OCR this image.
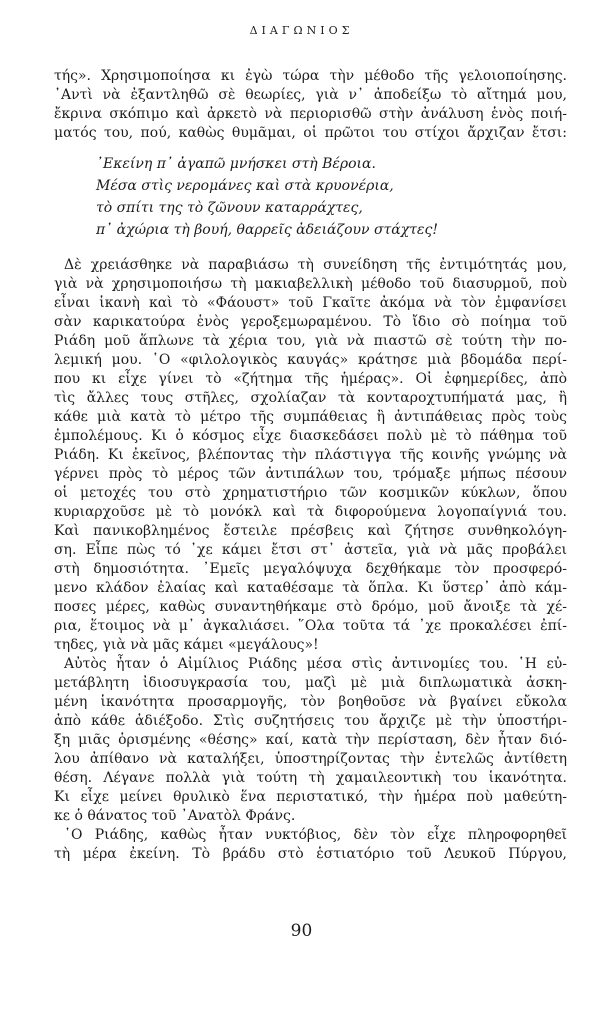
ΔΙΑΓΩΝΙΟΣ
τής». Χρησιμοποίησα κι ἐγὼ τώρα τὴν μέθοδο τῆς γελοιοποίησης.
᾿Αντὶ νὰ ἐξαντληθῶ σὲ θεωρίες, γιὰ ν᾿ ἀποδείξω τὸ αἴτημά μου,
ἔκρινα σκόπιμο καὶ ἀρκετὸ νὰ περιορισθῶ στὴν ἀνάλυση ἑνὸς ποιή-
ματός του, πού, καθὼς θυμᾶμαι, οἱ πρῶτοι του στίχοι ἄρχιζαν ἔτσι:
᾿Εκείνη π᾿ ἀγαπῶ μνήσκει στὴ Βέροια.
Μέσα στὶς νερομάνες καὶ στὰ κρυονέρια,
τὸ σπίτι της τὸ ζῶνουν καταρράχτες,
π᾿ ἀχώρια τὴ βουή, θαρρεῖς ἀδειάζουν στάχτες!
Δὲ χρειάσθηκε νὰ παραβιάσω τὴ συνείδηση τῆς ἐντιμότητάς μου,
γιὰ νὰ χρησιμοποιήσω τὴ μακιαβελλικὴ μέθοδο τοῦ διασυρμοῦ, ποὺ
εἶναι ἱκανὴ καὶ τὸ «Φάουστ» τοῦ Γκαῖτε ἀκόμα νὰ τὸν ἐμφανίσει
σὰν καρικατούρα ἑνὸς γεροξεμωραμένου. Τὸ ἴδιο σὸ ποίημα τοῦ
Ριάδη μοῦ ἅπλωνε τὰ χέρια του, γιὰ νὰ πιαστῶ σὲ τούτη τὴν πο-
λεμική μου. ῾Ο «φιλολογικὸς καυγάς» κράτησε μιὰ βδομάδα περί-
που κι εἶχε γίνει τὸ «ζήτημα τῆς ἡμέρας». Οἱ ἐφημερίδες, ἀπὸ
τὶς ἄλλες τους στῆλες, σχολίαζαν τὰ κονταροχτυπήματά μας, ἢ
κάθε μιὰ κατὰ τὸ μέτρο τῆς συμπάθειας ἢ ἀντιπάθειας πρὸς τοὺς
ἐμπολέμους. Κι ὁ κόσμος εἶχε διασκεδάσει πολὺ μὲ τὸ πάθημα τοῦ
Ριάδη. Κι ἐκεῖνος, βλέποντας τὴν πλάστιγγα τῆς κοινῆς γνώμης νὰ
γέρνει πρὸς τὸ μέρος τῶν ἀντιπάλων του, τρόμαξε μήπως πέσουν
οἱ μετοχές του στὸ χρηματιστήριο τῶν κοσμικῶν κύκλων, ὅπου
κυριαρχοῦσε μὲ τὸ μονόκλ καὶ τὰ διφορούμενα λογοπαίγνιά του.
Καὶ πανικοβλημένος ἔστειλε πρέσβεις καὶ ζήτησε συνθηκολόγη-
ση. Εἶπε πὼς τό ᾿χε κάμει ἔτσι στ᾿ ἀστεῖα, γιὰ νὰ μᾶς προβάλει
στὴ δημοσιότητα. ᾿Εμεῖς μεγαλόψυχα δεχθήκαμε τὸν προσφερό-
μενο κλάδον ἐλαίας καὶ καταθέσαμε τὰ ὅπλα. Κι ὕστερ᾿ ἀπὸ κάμ-
ποσες μέρες, καθὼς συναντηθήκαμε στὸ δρόμο, μοῦ ἄνοιξε τὰ χέ-
ρια, ἕτοιμος νὰ μ᾿ ἀγκαλιάσει. ῞Ολα τοῦτα τά ᾿χε προκαλέσει ἐπί-
τηδες, γιὰ νὰ μᾶς κάμει «μεγάλους»!
Αὐτὸς ἦταν ὁ Αἰμίλιος Ριάδης μέσα στὶς ἀντινομίες του. ῾Η εὐ-
μετάβλητη ἰδιοσυγκρασία του, μαζὶ μὲ μιὰ διπλωματικὰ ἀσκη-
μένη ἱκανότητα προσαρμογῆς, τὸν βοηθοῦσε νὰ βγαίνει εὔκολα
ἀπὸ κάθε ἀδιέξοδο. Στὶς συζητήσεις του ἄρχιζε μὲ τὴν ὑποστήρι-
ξη μιᾶς ὁρισμένης «θέσης» καί, κατὰ τὴν περίσταση, δὲν ἦταν διό-
λου ἀπίθανο νὰ καταλήξει, ὑποστηρίζοντας τὴν ἐντελῶς ἀντίθετη
θέση. Λέγανε πολλὰ γιὰ τούτη τὴ χαμαιλεοντικὴ του ἱκανότητα.
Κι εἶχε μείνει θρυλικὸ ἕνα περιστατικό, τὴν ἡμέρα ποὺ μαθεύτη-
κε ὁ θάνατος τοῦ ᾿Ανατὸλ Φράνς.
῾Ο Ριάδης, καθὼς ἦταν νυκτόβιος, δὲν τὸν εἶχε πληροφορηθεῖ
τὴ μέρα ἐκείνη. Τὸ βράδυ στὸ ἑστιατόριο τοῦ Λευκοῦ Πύργου,
90
